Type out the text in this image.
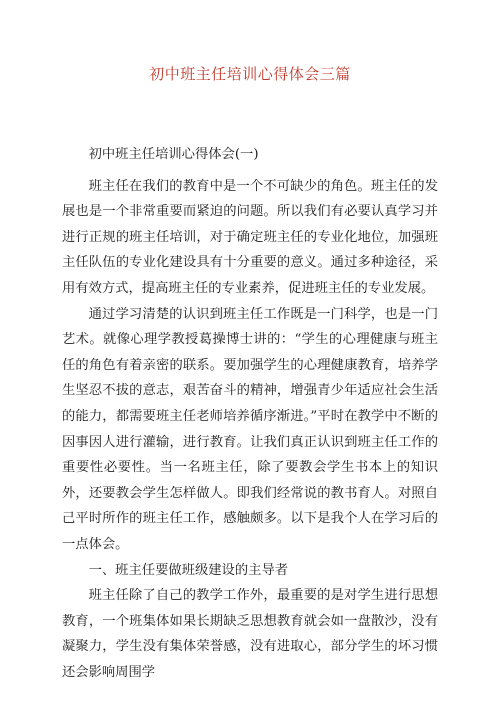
初中班主任培训心得体会三篇

初中班主任培训心得体会(一)

班主任在我们的教育中是一个不可缺少的角色。班主任的发展也是一个非常重要而紧迫的问题。所以我们有必要认真学习并进行正规的班主任培训，对于确定班主任的专业化地位，加强班主任队伍的专业化建设具有十分重要的意义。通过多种途径，采用有效方式，提高班主任的专业素养，促进班主任的专业发展。

通过学习清楚的认识到班主任工作既是一门科学，也是一门艺术。就像心理学教授葛操博士讲的：“学生的心理健康与班主任的角色有着亲密的联系。要加强学生的心理健康教育，培养学生坚忍不拔的意志，艰苦奋斗的精神，增强青少年适应社会生活的能力，都需要班主任老师培养循序渐进。”平时在教学中不断的因事因人进行灌输，进行教育。让我们真正认识到班主任工作的重要性必要性。当一名班主任，除了要教会学生书本上的知识外，还要教会学生怎样做人。即我们经常说的教书育人。对照自己平时所作的班主任工作，感触颇多。以下是我个人在学习后的一点体会。

一、班主任要做班级建设的主导者

班主任除了自己的教学工作外，最重要的是对学生进行思想教育，一个班集体如果长期缺乏思想教育就会如一盘散沙，没有凝聚力，学生没有集体荣誉感，没有进取心，部分学生的坏习惯还会影响周围学
